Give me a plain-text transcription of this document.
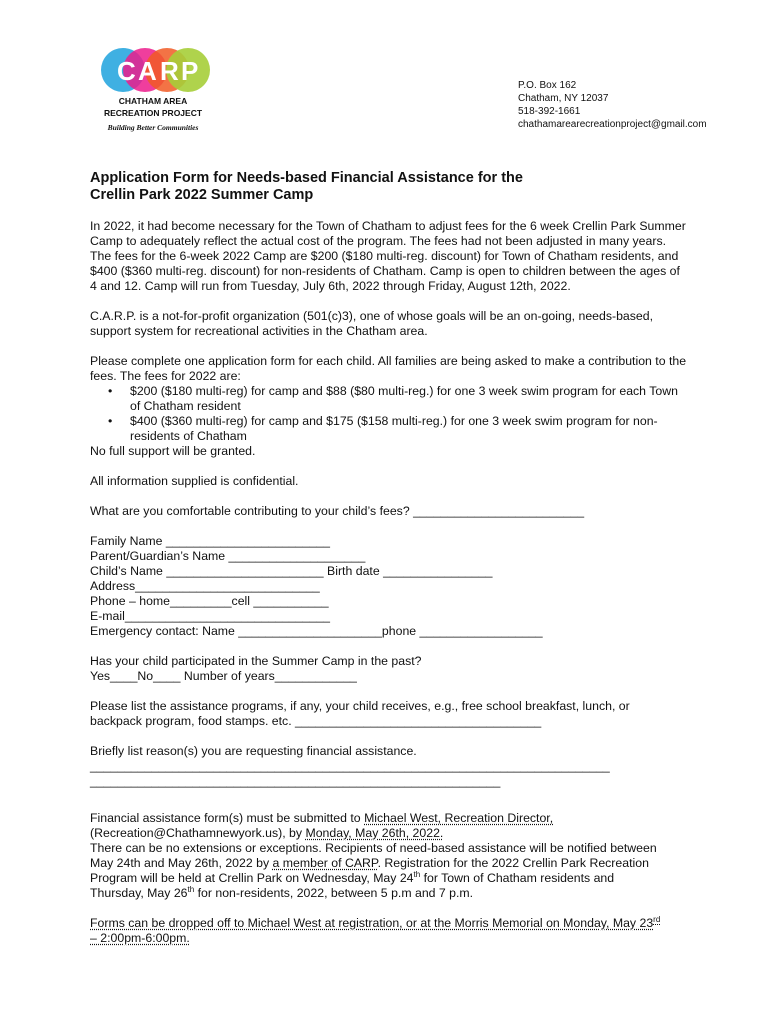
C A R P
CHATHAM AREA
RECREATION PROJECT
Building Better Communities
P.O. Box 162
Chatham, NY 12037
518-392-1661
chathamarearecreationproject@gmail.com
Application Form for Needs-based Financial Assistance for the
Crellin Park 2022 Summer Camp

In 2022, it had become necessary for the Town of Chatham to adjust fees for the 6 week Crellin Park Summer Camp to adequately reflect the actual cost of the program. The fees had not been adjusted in many years. The fees for the 6-week 2022 Camp are $200 ($180 multi-reg. discount) for Town of Chatham residents, and $400 ($360 multi-reg. discount) for non-residents of Chatham. Camp is open to children between the ages of 4 and 12. Camp will run from Tuesday, July 6th, 2022 through Friday, August 12th, 2022.

C.A.R.P. is a not-for-profit organization (501(c)3), one of whose goals will be an on-going, needs-based, support system for recreational activities in the Chatham area.

Please complete one application form for each child. All families are being asked to make a contribution to the fees. The fees for 2022 are:

• $200 ($180 multi-reg) for camp and $88 ($80 multi-reg.) for one 3 week swim program for each Town of Chatham resident
• $400 ($360 multi-reg) for camp and $175 ($158 multi-reg.) for one 3 week swim program for non-residents of Chatham

No full support will be granted.

All information supplied is confidential.

What are you comfortable contributing to your child’s fees? _________________________

Family Name ________________________
Parent/Guardian’s Name ____________________
Child’s Name _______________________ Birth date ________________
Address___________________________
Phone – home_________cell ___________
E-mail______________________________
Emergency contact: Name _____________________phone __________________

Has your child participated in the Summer Camp in the past?
Yes____No____ Number of years____________

Please list the assistance programs, if any, your child receives, e.g., free school breakfast, lunch, or
backpack program, food stamps. etc. ____________________________________

Briefly list reason(s) you are requesting financial assistance.
____________________________________________________________________________
____________________________________________________________

Financial assistance form(s) must be submitted to Michael West, Recreation Director,
(Recreation@Chathamnewyork.us), by Monday, May 26th, 2022.
There can be no extensions or exceptions. Recipients of need-based assistance will be notified between
May 24th and May 26th, 2022 by a member of CARP. Registration for the 2022 Crellin Park Recreation
Program will be held at Crellin Park on Wednesday, May 24th for Town of Chatham residents and
Thursday, May 26th for non-residents, 2022, between 5 p.m and 7 p.m.

Forms can be dropped off to Michael West at registration, or at the Morris Memorial on Monday, May 23rd
– 2:00pm-6:00pm.
